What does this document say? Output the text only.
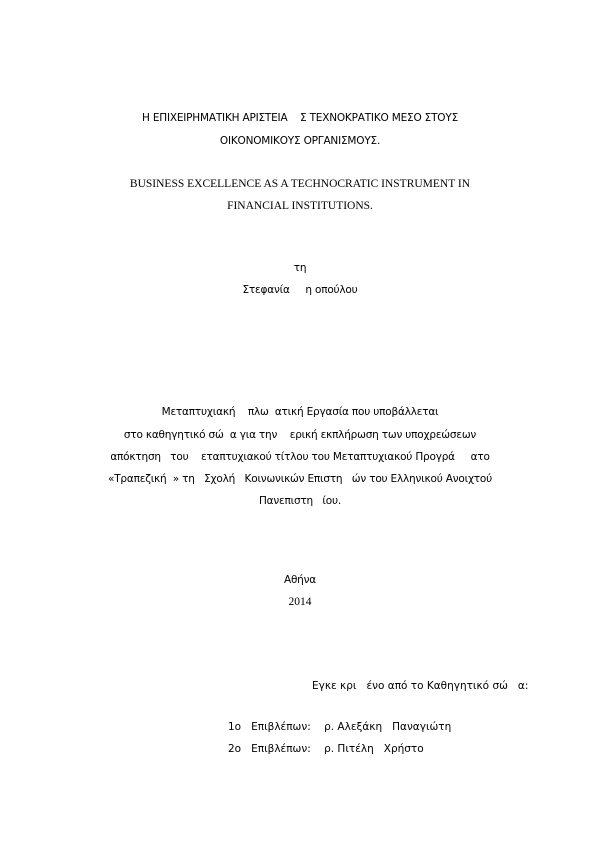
Η ΕΠΙΧΕΙΡΗΜΑΤΙΚΗ ΑΡΙΣΤΕΙΑ    Σ ΤΕΧΝΟΚΡΑΤΙΚΟ ΜΕΣΟ ΣΤΟΥΣ
ΟΙΚΟΝΟΜΙΚΟΥΣ ΟΡΓΑΝΙΣΜΟΥΣ.
BUSINESS EXCELLENCE AS A TECHNOCRATIC INSTRUMENT IN
FINANCIAL INSTITUTIONS.
τη
Στεφανία     η οπούλου
Μεταπτυχιακή    πλω  ατική Εργασία που υποβάλλεται
στο καθηγητικό σώ  α για την    ερική εκπλήρωση των υποχρεώσεων
απόκτηση   του    εταπτυχιακού τίτλου του Μεταπτυχιακού Προγρά     ατο
«Τραπεζική  » τη   Σχολή   Κοινωνικών Επιστη   ών του Ελληνικού Ανοιχτού
Πανεπιστη   ίου.
Αθήνα
2014
Εγκε κρι   ένο από το Καθηγητικό σώ   α:
1ο   Επιβλέπων:    ρ. Αλεξάκη   Παναγιώτη
2ο   Επιβλέπων:    ρ. Πιτέλη   Χρήστο
